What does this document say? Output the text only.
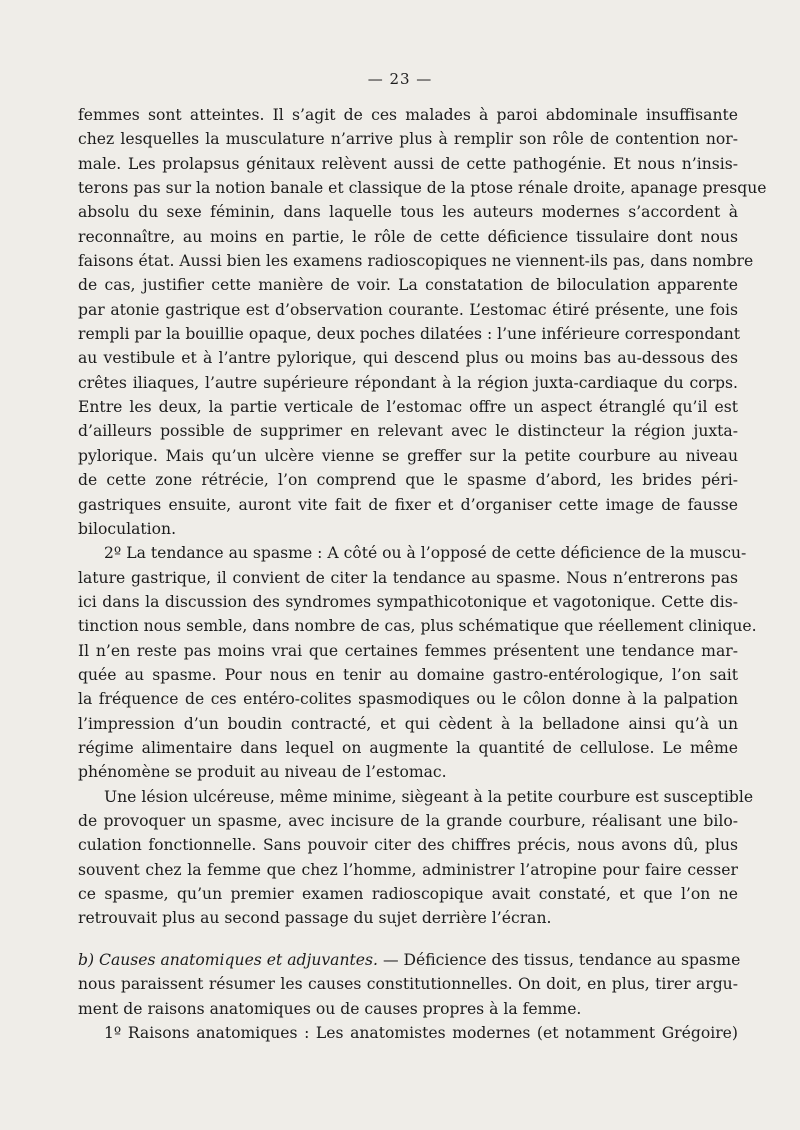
— 23 —
femmes sont atteintes. Il s’agit de ces malades à paroi abdominale insuffisante
chez lesquelles la musculature n’arrive plus à remplir son rôle de contention nor-
male. Les prolapsus génitaux relèvent aussi de cette pathogénie. Et nous n’insis-
terons pas sur la notion banale et classique de la ptose rénale droite, apanage presque
absolu du sexe féminin, dans laquelle tous les auteurs modernes s’accordent à
reconnaître, au moins en partie, le rôle de cette déficience tissulaire dont nous
faisons état. Aussi bien les examens radioscopiques ne viennent-ils pas, dans nombre
de cas, justifier cette manière de voir. La constatation de biloculation apparente
par atonie gastrique est d’observation courante. L’estomac étiré présente, une fois
rempli par la bouillie opaque, deux poches dilatées : l’une inférieure correspondant
au vestibule et à l’antre pylorique, qui descend plus ou moins bas au-dessous des
crêtes iliaques, l’autre supérieure répondant à la région juxta-cardiaque du corps.
Entre les deux, la partie verticale de l’estomac offre un aspect étranglé qu’il est
d’ailleurs possible de supprimer en relevant avec le distincteur la région juxta-
pylorique. Mais qu’un ulcère vienne se greffer sur la petite courbure au niveau
de cette zone rétrécie, l’on comprend que le spasme d’abord, les brides péri-
gastriques ensuite, auront vite fait de fixer et d’organiser cette image de fausse
biloculation.
2º La tendance au spasme : A côté ou à l’opposé de cette déficience de la muscu-
lature gastrique, il convient de citer la tendance au spasme. Nous n’entrerons pas
ici dans la discussion des syndromes sympathicotonique et vagotonique. Cette dis-
tinction nous semble, dans nombre de cas, plus schématique que réellement clinique.
Il n’en reste pas moins vrai que certaines femmes présentent une tendance mar-
quée au spasme. Pour nous en tenir au domaine gastro-entérologique, l’on sait
la fréquence de ces entéro-colites spasmodiques ou le côlon donne à la palpation
l’impression d’un boudin contracté, et qui cèdent à la belladone ainsi qu’à un
régime alimentaire dans lequel on augmente la quantité de cellulose. Le même
phénomène se produit au niveau de l’estomac.
Une lésion ulcéreuse, même minime, siègeant à la petite courbure est susceptible
de provoquer un spasme, avec incisure de la grande courbure, réalisant une bilo-
culation fonctionnelle. Sans pouvoir citer des chiffres précis, nous avons dû, plus
souvent chez la femme que chez l’homme, administrer l’atropine pour faire cesser
ce spasme, qu’un premier examen radioscopique avait constaté, et que l’on ne
retrouvait plus au second passage du sujet derrière l’écran.
b) Causes anatomiques et adjuvantes. — Déficience des tissus, tendance au spasme
nous paraissent résumer les causes constitutionnelles. On doit, en plus, tirer argu-
ment de raisons anatomiques ou de causes propres à la femme.
1º Raisons anatomiques : Les anatomistes modernes (et notamment Grégoire)
